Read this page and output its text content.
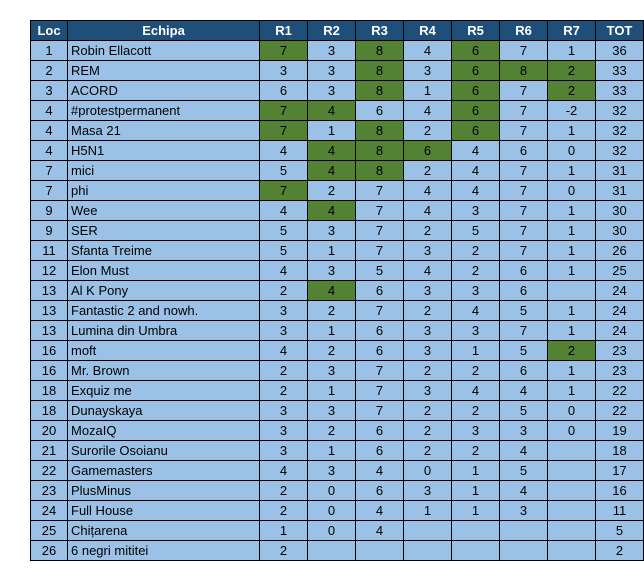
Loc	Echipa	R1	R2	R3	R4	R5	R6	R7	TOT
1	Robin Ellacott	7	3	8	4	6	7	1	36
2	REM	3	3	8	3	6	8	2	33
3	ACORD	6	3	8	1	6	7	2	33
4	#protestpermanent	7	4	6	4	6	7	-2	32
4	Masa 21	7	1	8	2	6	7	1	32
4	H5N1	4	4	8	6	4	6	0	32
7	mici	5	4	8	2	4	7	1	31
7	phi	7	2	7	4	4	7	0	31
9	Wee	4	4	7	4	3	7	1	30
9	SER	5	3	7	2	5	7	1	30
11	Sfanta Treime	5	1	7	3	2	7	1	26
12	Elon Must	4	3	5	4	2	6	1	25
13	Al K Pony	2	4	6	3	3	6		24
13	Fantastic 2 and nowh.	3	2	7	2	4	5	1	24
13	Lumina din Umbra	3	1	6	3	3	7	1	24
16	moft	4	2	6	3	1	5	2	23
16	Mr. Brown	2	3	7	2	2	6	1	23
18	Exquiz me	2	1	7	3	4	4	1	22
18	Dunayskaya	3	3	7	2	2	5	0	22
20	MozaIQ	3	2	6	2	3	3	0	19
21	Surorile Osoianu	3	1	6	2	2	4		18
22	Gamemasters	4	3	4	0	1	5		17
23	PlusMinus	2	0	6	3	1	4		16
24	Full House	2	0	4	1	1	3		11
25	Chițarena	1	0	4					5
26	6 negri mititei	2							2
